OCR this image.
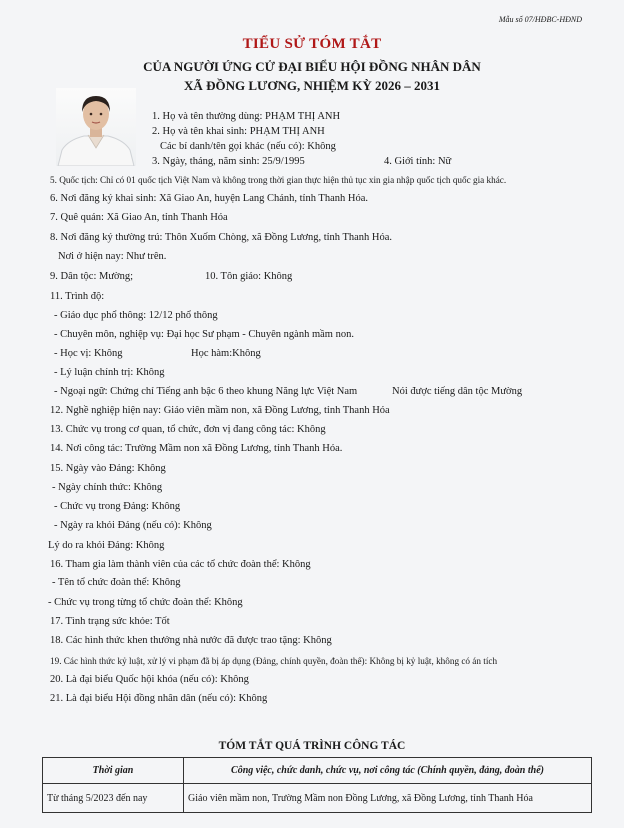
Mẫu số 07/HĐBC-HĐND
TIỂU SỬ TÓM TẮT
CỦA NGƯỜI ỨNG CỬ ĐẠI BIỂU HỘI ĐỒNG NHÂN DÂN
XÃ ĐỒNG LƯƠNG, NHIỆM KỲ 2026 – 2031
1. Họ và tên thường dùng: PHẠM THỊ ANH
2. Họ và tên khai sinh: PHẠM THỊ ANH
Các bí danh/tên gọi khác (nếu có): Không
3. Ngày, tháng, năm sinh: 25/9/1995	4. Giới tính: Nữ
5. Quốc tịch: Chỉ có 01 quốc tịch Việt Nam và không trong thời gian thực hiện thủ tục xin gia nhập quốc tịch quốc gia khác.
6. Nơi đăng ký khai sinh: Xã Giao An, huyện Lang Chánh, tỉnh Thanh Hóa.
7. Quê quán: Xã Giao An, tỉnh Thanh Hóa
8. Nơi đăng ký thường trú: Thôn Xuốm Chòng, xã Đồng Lương, tỉnh Thanh Hóa.
Nơi ở hiện nay: Như trên.
9. Dân tộc: Mường;	10. Tôn giáo: Không
11. Trình độ:
- Giáo dục phổ thông: 12/12 phổ thông
- Chuyên môn, nghiệp vụ: Đại học Sư phạm - Chuyên ngành mầm non.
- Học vị: Không	Học hàm:Không
- Lý luận chính trị: Không
- Ngoại ngữ: Chứng chỉ Tiếng anh bậc 6 theo khung Năng lực Việt Nam	Nói được tiếng dân tộc Mường
12. Nghề nghiệp hiện nay: Giáo viên mầm non, xã Đồng Lương, tỉnh Thanh Hóa
13. Chức vụ trong cơ quan, tổ chức, đơn vị đang công tác: Không
14. Nơi công tác: Trường Mầm non xã Đồng Lương, tỉnh Thanh Hóa.
15. Ngày vào Đảng: Không
- Ngày chính thức: Không
- Chức vụ trong Đảng: Không
- Ngày ra khỏi Đảng (nếu có): Không
Lý do ra khỏi Đảng: Không
16. Tham gia làm thành viên của các tổ chức đoàn thể: Không
- Tên tổ chức đoàn thể: Không
- Chức vụ trong từng tổ chức đoàn thể: Không
17. Tình trạng sức khỏe: Tốt
18. Các hình thức khen thưởng nhà nước đã được trao tặng: Không
19. Các hình thức kỷ luật, xử lý vi phạm đã bị áp dụng (Đảng, chính quyền, đoàn thể): Không bị kỷ luật, không có án tích
20. Là đại biểu Quốc hội khóa (nếu có): Không
21. Là đại biểu Hội đồng nhân dân (nếu có): Không
TÓM TẮT QUÁ TRÌNH CÔNG TÁC
Thời gian	Công việc, chức danh, chức vụ, nơi công tác (Chính quyền, đảng, đoàn thể)
Từ tháng 5/2023 đến nay	Giáo viên mầm non, Trường Mầm non Đồng Lương, xã Đồng Lương, tỉnh Thanh Hóa
